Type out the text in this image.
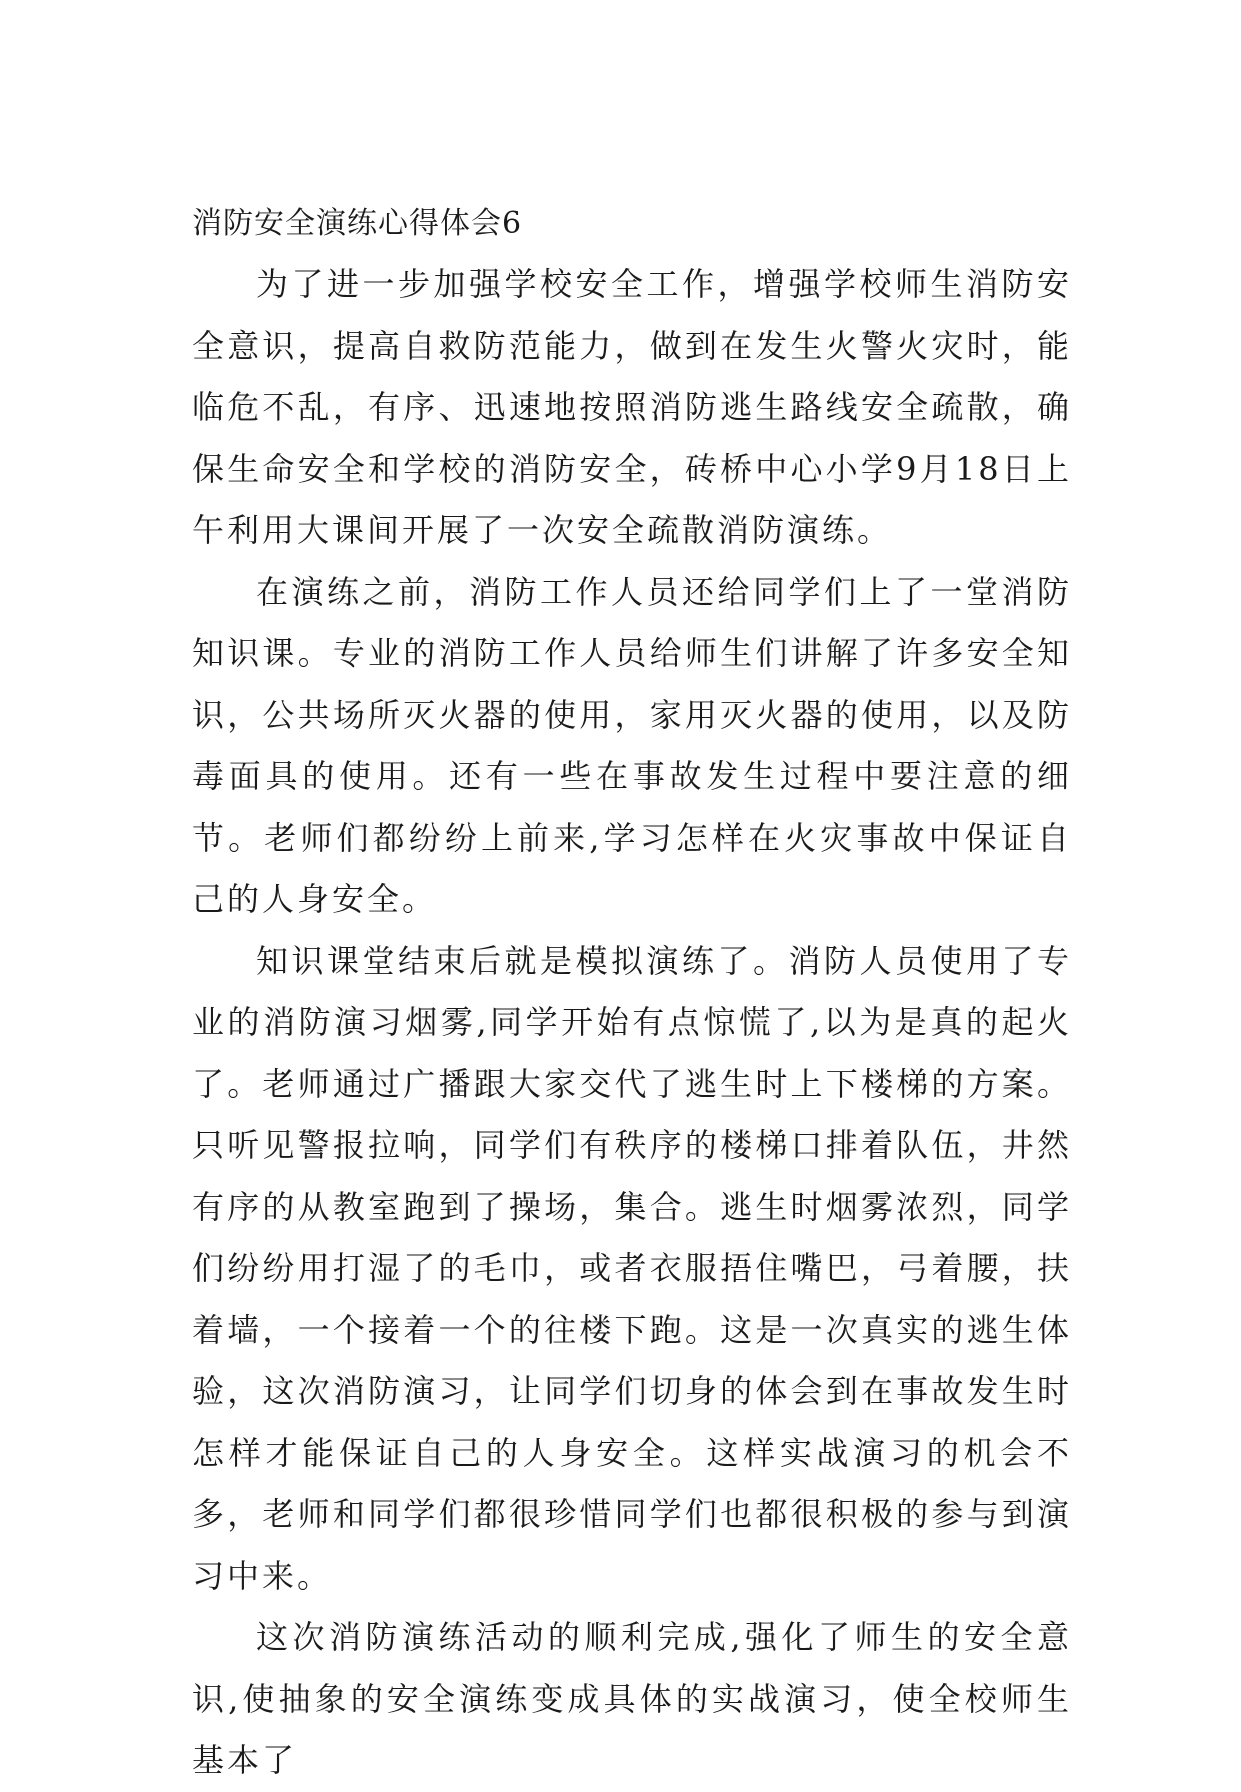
消防安全演练心得体会6

为了进一步加强学校安全工作，增强学校师生消防安全意识，提高自救防范能力，做到在发生火警火灾时，能临危不乱，有序、迅速地按照消防逃生路线安全疏散，确保生命安全和学校的消防安全，砖桥中心小学9月18日上午利用大课间开展了一次安全疏散消防演练。

在演练之前，消防工作人员还给同学们上了一堂消防知识课。专业的消防工作人员给师生们讲解了许多安全知识，公共场所灭火器的使用，家用灭火器的使用，以及防毒面具的使用。还有一些在事故发生过程中要注意的细节。老师们都纷纷上前来,学习怎样在火灾事故中保证自己的人身安全。

知识课堂结束后就是模拟演练了。消防人员使用了专业的消防演习烟雾,同学开始有点惊慌了,以为是真的起火了。老师通过广播跟大家交代了逃生时上下楼梯的方案。只听见警报拉响，同学们有秩序的楼梯口排着队伍，井然有序的从教室跑到了操场，集合。逃生时烟雾浓烈，同学们纷纷用打湿了的毛巾，或者衣服捂住嘴巴，弓着腰，扶着墙，一个接着一个的往楼下跑。这是一次真实的逃生体验，这次消防演习，让同学们切身的体会到在事故发生时怎样才能保证自己的人身安全。这样实战演习的机会不多，老师和同学们都很珍惜同学们也都很积极的参与到演习中来。

这次消防演练活动的顺利完成,强化了师生的安全意识,使抽象的安全演练变成具体的实战演习，使全校师生基本了
